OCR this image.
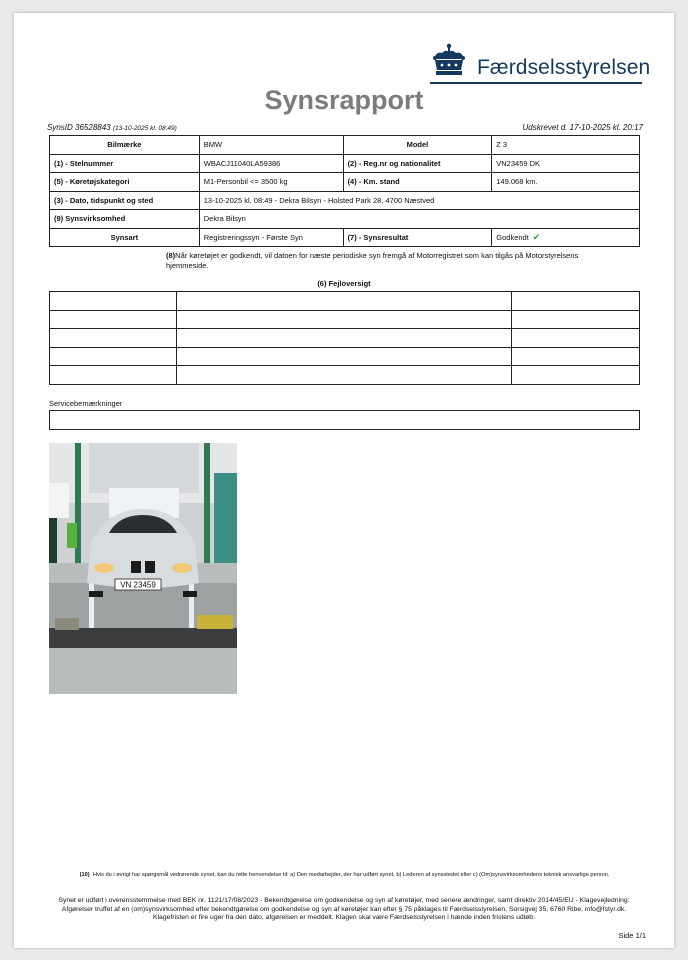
Færdselsstyrelsen
Synsrapport
SynsID 36528843 (13-10-2025 kl. 08:49)	Udskrevet d. 17-10-2025 kl. 20:17
Bilmærke	BMW	Model	Z 3
(1) - Stelnummer	WBACJ11040LA59386	(2) - Reg.nr og nationalitet	VN23459 DK
(5) - Køretøjskategori	M1-Personbil <= 3500 kg	(4) - Km. stand	149.068 km.
(3) - Dato, tidspunkt og sted	13-10-2025 kl. 08:49 - Dekra Bilsyn - Holsted Park 28, 4700 Næstved		
(9) Synsvirksomhed	Dekra Bilsyn		
Synsart	Registreringssyn - Første Syn	(7) - Synsresultat	Godkendt ✔
(8)Når køretøjet er godkendt, vil datoen for næste periodiske syn fremgå af Motorregistret som kan tilgås på Motorstyrelsens hjemmeside.
(6) Fejloversigt

Servicebemærkninger
VN 23459
(10) Hvis du i øvrigt har spørgsmål vedrørende synet, kan du rette henvendelse til: a) Den medarbejder, der har udført synet, b) Lederen af synsstedet eller c) (Om)synsvirksomhedens teknisk ansvarlige person.
Synet er udført i overensstemmelse med BEK nr. 1121/17/08/2023 - Bekendtgørelse om godkendelse og syn af køretøjer, med senere ændringer, samt direktiv 2014/45/EU - Klagevejledning: Afgørelser truffet af en (om)synsvirksomhed efter bekendtgørelse om godkendelse og syn af køretøjer kan efter § 75 påklages til Færdselsstyrelsen, Sorsigvej 35, 6760 Ribe, info@fstyr.dk. Klagefristen er fire uger fra den dato, afgørelsen er meddelt. Klagen skal være Færdselsstyrelsen i hænde inden fristens udløb.
Side 1/1
